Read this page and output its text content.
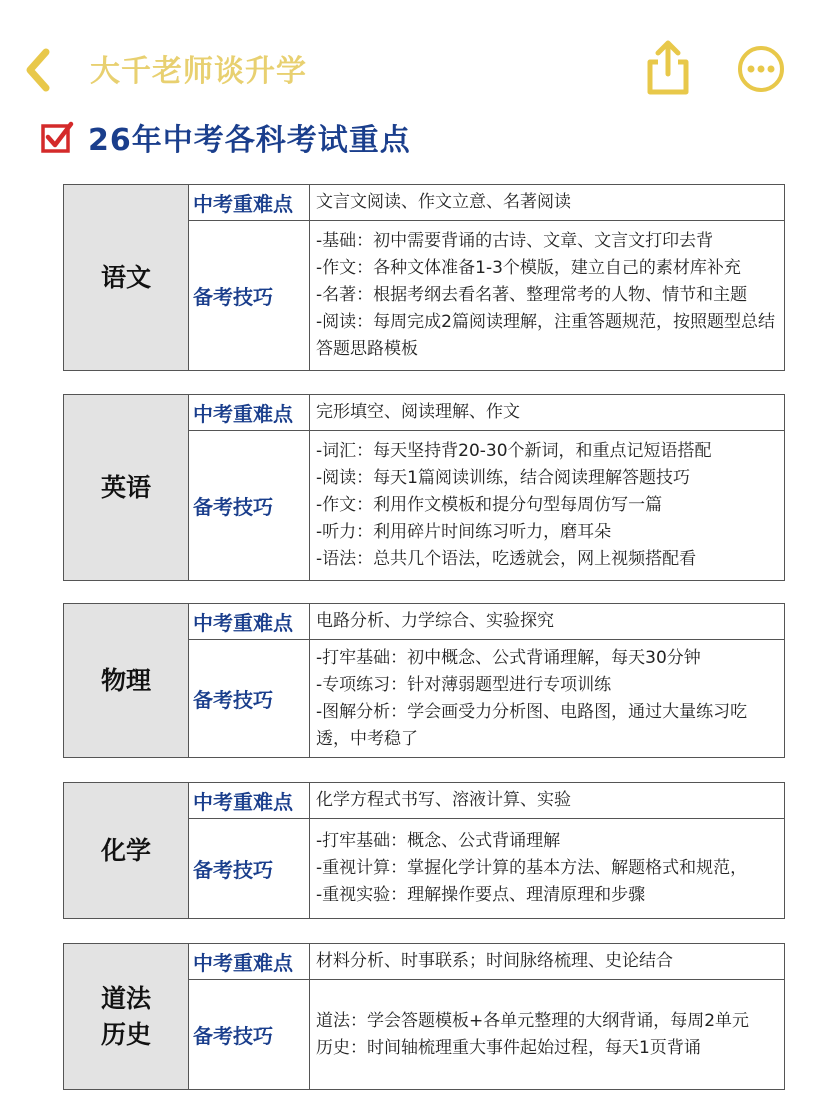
大千老师谈升学
26年中考各科考试重点
语文	中考重难点	文言文阅读、作文立意、名著阅读
	备考技巧	-基础：初中需要背诵的古诗、文章、文言文打印去背
-作文：各种文体准备1-3个模版，建立自己的素材库补充
-名著：根据考纲去看名著、整理常考的人物、情节和主题
-阅读：每周完成2篇阅读理解，注重答题规范，按照题型总结答题思路模板
英语	中考重难点	完形填空、阅读理解、作文
	备考技巧	-词汇：每天坚持背20-30个新词，和重点记短语搭配
-阅读：每天1篇阅读训练，结合阅读理解答题技巧
-作文：利用作文模板和提分句型每周仿写一篇
-听力：利用碎片时间练习听力，磨耳朵
-语法：总共几个语法，吃透就会，网上视频搭配看
物理	中考重难点	电路分析、力学综合、实验探究
	备考技巧	-打牢基础：初中概念、公式背诵理解，每天30分钟
-专项练习：针对薄弱题型进行专项训练
-图解分析：学会画受力分析图、电路图，通过大量练习吃透，中考稳了
化学	中考重难点	化学方程式书写、溶液计算、实验
	备考技巧	-打牢基础：概念、公式背诵理解
-重视计算：掌握化学计算的基本方法、解题格式和规范，
-重视实验：理解操作要点、理清原理和步骤
道法
历史	中考重难点	材料分析、时事联系；时间脉络梳理、史论结合
	备考技巧	道法：学会答题模板+各单元整理的大纲背诵，每周2单元
历史：时间轴梳理重大事件起始过程，每天1页背诵
